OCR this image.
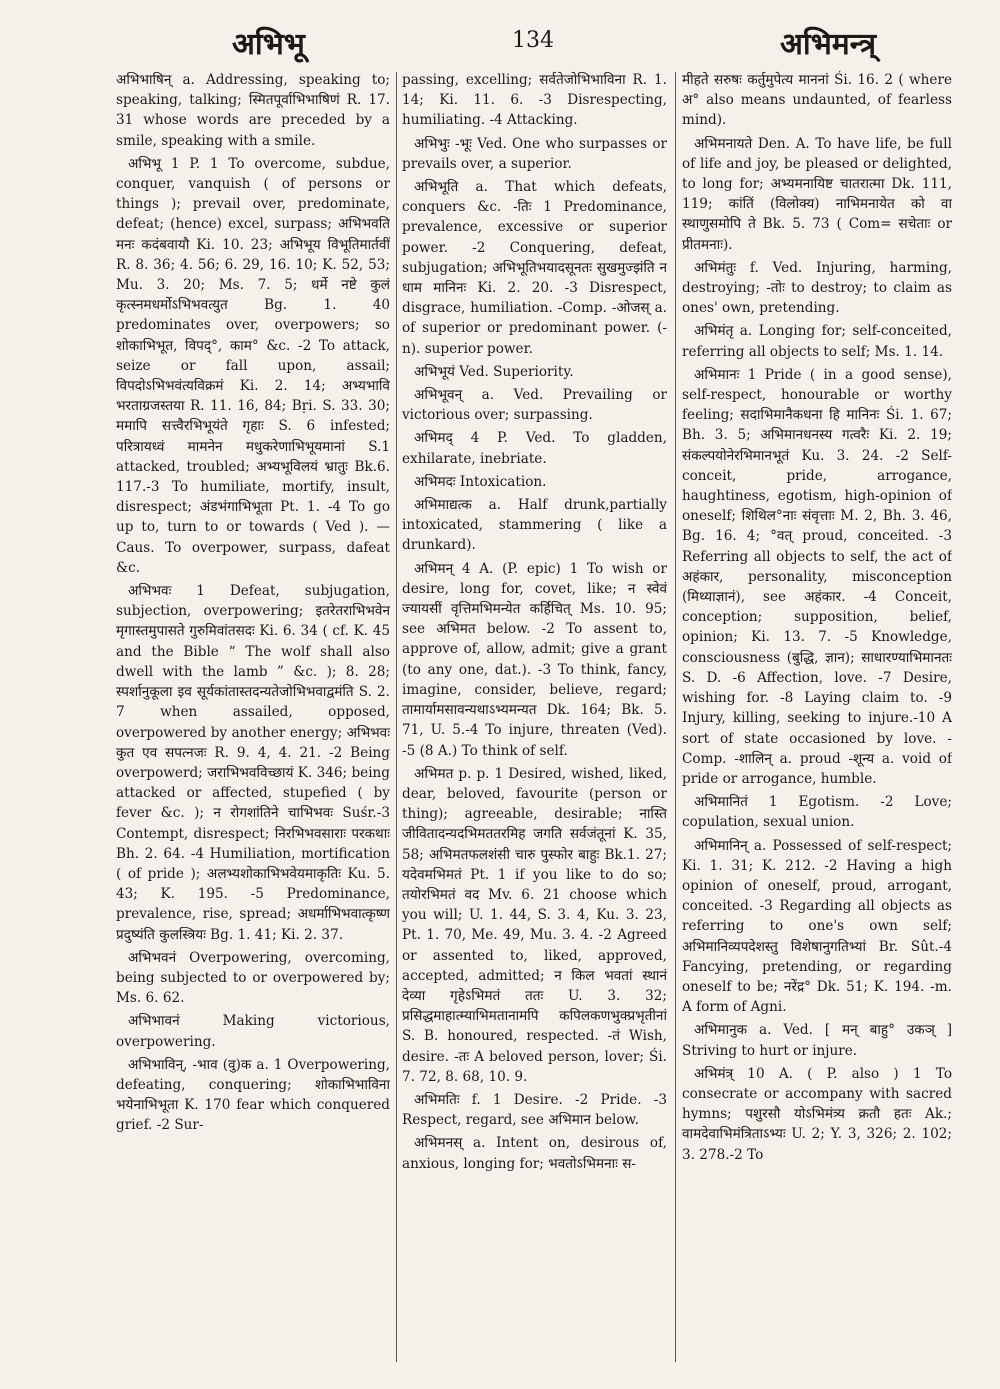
अभिभू	134	अभिमन्त्र्

अभिभाषिन् a. Addressing, speaking to; speaking, talking; स्मितपूर्वाभिभाषिणं R. 17. 31 whose words are preceded by a smile, speaking with a smile.

अभिभू 1 P. 1 To overcome, subdue, conquer, vanquish ( of persons or things ); prevail over, predominate, defeat; (hence) excel, surpass; अभिभवति मनः कदंबवायौ Ki. 10. 23; अभिभूय विभूतिमार्तवीं R. 8. 36; 4. 56; 6. 29, 16. 10; K. 52, 53; Mu. 3. 20; Ms. 7. 5; धर्मे नष्टे कुलं कृत्स्नमधर्मोऽभिभवत्युत Bg. 1. 40 predominates over, overpowers; so शोकाभिभूत, विपद्°, काम° &c. -2 To attack, seize or fall upon, assail; विपदोऽभिभवंत्यविक्रमं Ki. 2. 14; अभ्यभावि भरताग्रजस्तया R. 11. 16, 84; Bṛi. S. 33. 30; ममापि सत्त्वैरभिभूयंते गृहाः S. 6 infested; परित्रायध्वं मामनेन मधुकरेणाभिभूयमानां S.1 attacked, troubled; अभ्यभूविलयं भ्रातुः Bk.6. 117.-3 To humiliate, mortify, insult, disrespect; अंडभंगाभिभूता Pt. 1. -4 To go up to, turn to or towards ( Ved ). —Caus. To overpower, surpass, dafeat &c.

अभिभवः 1 Defeat, subjugation, subjection, overpowering; इतरेतराभिभवेन मृगास्तमुपासते गुरुमिवांतसदः Ki. 6. 34 ( cf. K. 45 and the Bible “ The wolf shall also dwell with the lamb ” &c. ); 8. 28; स्पर्शानुकूला इव सूर्यकांतास्तदन्यतेजोभिभवाद्वमंति S. 2. 7 when assailed, opposed, overpowered by another energy; अभिभवः कुत एव सपत्नजः R. 9. 4, 4. 21. -2 Being overpowerd; जराभिभवविच्छायं K. 346; being attacked or affected, stupefied ( by fever &c. ); न रोगशांतिने चाभिभवः Suśr.-3 Contempt, disrespect; निरभिभवसाराः परकथाः Bh. 2. 64. -4 Humiliation, mortification ( of pride ); अलभ्यशोकाभिभवेयमाकृतिः Ku. 5. 43; K. 195. -5 Predominance, prevalence, rise, spread; अधर्माभिभवात्कृष्ण प्रदुष्यंति कुलस्त्रियः Bg. 1. 41; Ki. 2. 37.

अभिभवनं Overpowering, overcoming, being subjected to or overpowered by; Ms. 6. 62.

अभिभावनं Making victorious, overpowering.

अभिभाविन्, -भाव (वु)क a. 1 Overpowering, defeating, conquering; शोकाभिभाविना भयेनाभिभूता K. 170 fear which conquered grief. -2 Sur-

passing, excelling; सर्वतेजोभिभाविना R. 1. 14; Ki. 11. 6. -3 Disrespecting, humiliating. -4 Attacking.

अभिभुः -भूः Ved. One who surpasses or prevails over, a superior.

अभिभूति a. That which defeats, conquers &c. -तिः 1 Predominance, prevalence, excessive or superior power. -2 Conquering, defeat, subjugation; अभिभूतिभयादसूनतः सुखमुज्झंति न धाम मानिनः Ki. 2. 20. -3 Disrespect, disgrace, humiliation. -Comp. -ओजस् a. of superior or predominant power. (-n). superior power.

अभिभूयं Ved. Superiority.

अभिभूवन् a. Ved. Prevailing or victorious over; surpassing.

अभिमद् 4 P. Ved. To gladden, exhilarate, inebriate.

अभिमदः Intoxication.

अभिमाद्यत्क a. Half drunk,partially intoxicated, stammering ( like a drunkard).

अभिमन् 4 A. (P. epic) 1 To wish or desire, long for, covet, like; न स्वेवं ज्यायसीं वृत्तिमभिमन्येत कर्हिचित् Ms. 10. 95; see अभिमत below. -2 To assent to, approve of, allow, admit; give a grant (to any one, dat.). -3 To think, fancy, imagine, consider, believe, regard; तामार्यामसावन्यथाऽभ्यमन्यत Dk. 164; Bk. 5. 71, U. 5.-4 To injure, threaten (Ved). -5 (8 A.) To think of self.

अभिमत p. p. 1 Desired, wished, liked, dear, beloved, favourite (person or thing); agreeable, desirable; नास्ति जीवितादन्यदभिमततरमिह जगति सर्वजंतूनां K. 35, 58; अभिमतफलशंसी चारु पुस्फोर बाहुः Bk.1. 27; यदेवमभिमतं Pt. 1 if you like to do so; तयोरभिमतं वद Mv. 6. 21 choose which you will; U. 1. 44, S. 3. 4, Ku. 3. 23, Pt. 1. 70, Me. 49, Mu. 3. 4. -2 Agreed or assented to, liked, approved, accepted, admitted; न किल भवतां स्थानं देव्या गृहेऽभिमतं ततः U. 3. 32; प्रसिद्धमाहात्म्याभिमतानामपि कपिलकणभुक्प्रभृतीनां S. B. honoured, respected. -तं Wish, desire. -तः A beloved person, lover; Śi. 7. 72, 8. 68, 10. 9.

अभिमतिः f. 1 Desire. -2 Pride. -3 Respect, regard, see अभिमान below.

अभिमनस् a. Intent on, desirous of, anxious, longing for; भवतोऽभिमनाः स-

मीहते सरुषः कर्तुमुपेत्य माननां Śi. 16. 2 ( where अ° also means undaunted, of fearless mind).

अभिमनायते Den. A. To have life, be full of life and joy, be pleased or delighted, to long for; अभ्यमनायिष्ट चातरात्मा Dk. 111, 119; कांतिं (विलोक्य) नाभिमनायेत को वा स्थाणुसमोपि ते Bk. 5. 73 ( Com= सचेताः or प्रीतमनाः).

अभिमंतुः f. Ved. Injuring, harming, destroying; -तोः to destroy; to claim as ones' own, pretending.

अभिमंतृ a. Longing for; self-conceited, referring all objects to self; Ms. 1. 14.

अभिमानः 1 Pride ( in a good sense), self-respect, honourable or worthy feeling; सदाभिमानैकधना हि मानिनः Śi. 1. 67; Bh. 3. 5; अभिमानधनस्य गत्वरैः Ki. 2. 19; संकल्पयोनेरभिमानभूतं Ku. 3. 24. -2 Self-conceit, pride, arrogance, haughtiness, egotism, high-opinion of oneself; शिथिल°नाः संवृत्ताः M. 2, Bh. 3. 46, Bg. 16. 4; °वत् proud, conceited. -3 Referring all objects to self, the act of अहंकार, personality, misconception (मिथ्याज्ञानं), see अहंकार. -4 Conceit, conception; supposition, belief, opinion; Ki. 13. 7. -5 Knowledge, consciousness (बुद्धि, ज्ञान); साधारण्याभिमानतः S. D. -6 Affection, love. -7 Desire, wishing for. -8 Laying claim to. -9 Injury, killing, seeking to injure.-10 A sort of state occasioned by love. -Comp. -शालिन् a. proud -शून्य a. void of pride or arrogance, humble.

अभिमानितं 1 Egotism. -2 Love; copulation, sexual union.

अभिमानिन् a. Possessed of self-respect; Ki. 1. 31; K. 212. -2 Having a high opinion of oneself, proud, arrogant, conceited. -3 Regarding all objects as referring to one's own self; अभिमानिव्यपदेशस्तु विशेषानुगतिभ्यां Br. Sût.-4 Fancying, pretending, or regarding oneself to be; नरेंद्र° Dk. 51; K. 194. -m. A form of Agni.

अभिमानुक a. Ved. [ मन् बाहु° उकञ् ] Striving to hurt or injure.

अभिमंत्र् 10 A. ( P. also ) 1 To consecrate or accompany with sacred hymns; पशुरसौ योऽभिमंत्र्य क्रतौ हतः Ak.; वामदेवाभिमंत्रिताऽभ्यः U. 2; Y. 3, 326; 2. 102; 3. 278.-2 To
